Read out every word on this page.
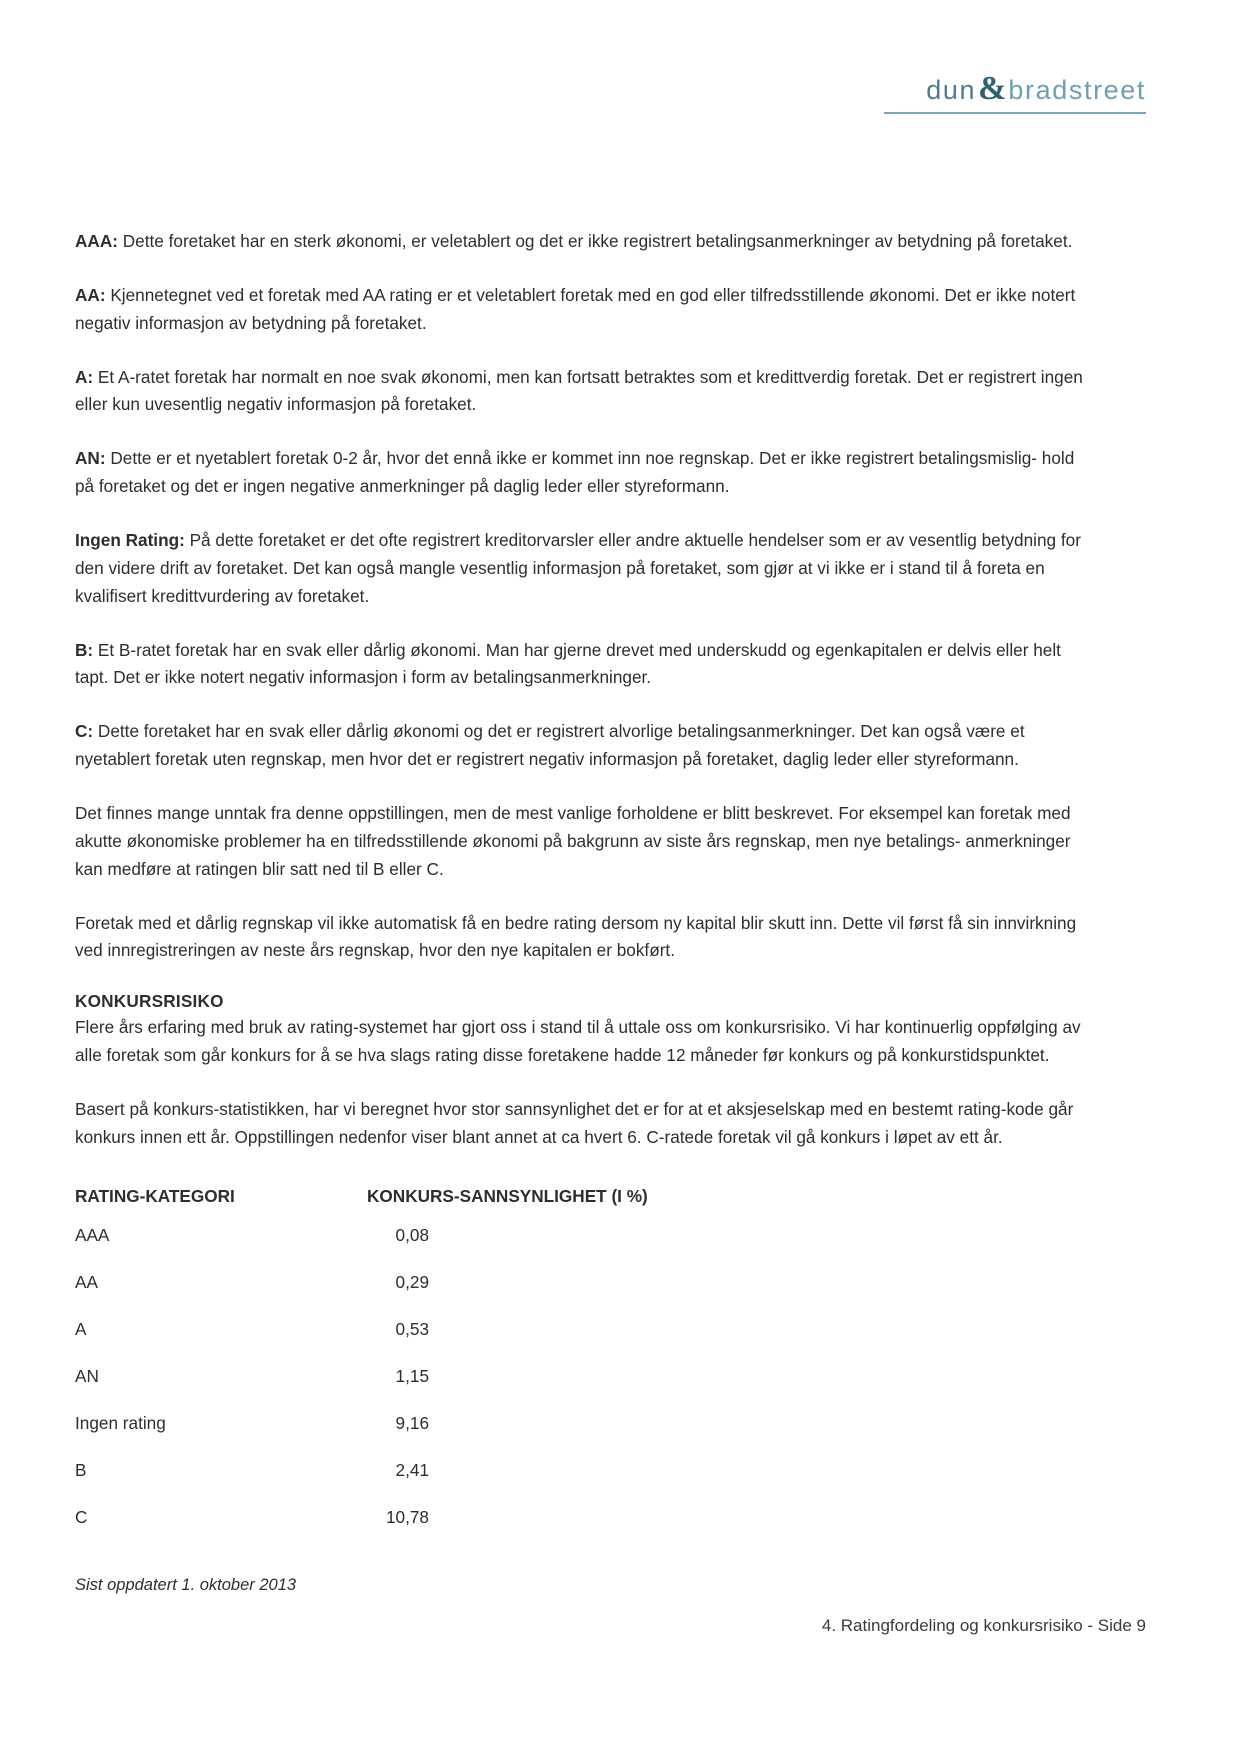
dun & bradstreet

AAA: Dette foretaket har en sterk økonomi, er veletablert og det er ikke registrert betalingsanmerkninger av betydning på foretaket.

AA: Kjennetegnet ved et foretak med AA rating er et veletablert foretak med en god eller tilfredsstillende økonomi. Det er ikke notert negativ informasjon av betydning på foretaket.

A: Et A-ratet foretak har normalt en noe svak økonomi, men kan fortsatt betraktes som et kredittverdig foretak. Det er registrert ingen eller kun uvesentlig negativ informasjon på foretaket.

AN: Dette er et nyetablert foretak 0-2 år, hvor det ennå ikke er kommet inn noe regnskap. Det er ikke registrert betalingsmislig- hold på foretaket og det er ingen negative anmerkninger på daglig leder eller styreformann.

Ingen Rating: På dette foretaket er det ofte registrert kreditorvarsler eller andre aktuelle hendelser som er av vesentlig betydning for den videre drift av foretaket. Det kan også mangle vesentlig informasjon på foretaket, som gjør at vi ikke er i stand til å foreta en kvalifisert kredittvurdering av foretaket.

B: Et B-ratet foretak har en svak eller dårlig økonomi. Man har gjerne drevet med underskudd og egenkapitalen er delvis eller helt tapt. Det er ikke notert negativ informasjon i form av betalingsanmerkninger.

C: Dette foretaket har en svak eller dårlig økonomi og det er registrert alvorlige betalingsanmerkninger. Det kan også være et nyetablert foretak uten regnskap, men hvor det er registrert negativ informasjon på foretaket, daglig leder eller styreformann.

Det finnes mange unntak fra denne oppstillingen, men de mest vanlige forholdene er blitt beskrevet. For eksempel kan foretak med akutte økonomiske problemer ha en tilfredsstillende økonomi på bakgrunn av siste års regnskap, men nye betalings- anmerkninger kan medføre at ratingen blir satt ned til B eller C.

Foretak med et dårlig regnskap vil ikke automatisk få en bedre rating dersom ny kapital blir skutt inn. Dette vil først få sin innvirkning ved innregistreringen av neste års regnskap, hvor den nye kapitalen er bokført.

KONKURSRISIKO

Flere års erfaring med bruk av rating-systemet har gjort oss i stand til å uttale oss om konkursrisiko. Vi har kontinuerlig oppfølging av alle foretak som går konkurs for å se hva slags rating disse foretakene hadde 12 måneder før konkurs og på konkurstidspunktet.

Basert på konkurs-statistikken, har vi beregnet hvor stor sannsynlighet det er for at et aksjeselskap med en bestemt rating-kode går konkurs innen ett år. Oppstillingen nedenfor viser blant annet at ca hvert 6. C-ratede foretak vil gå konkurs i løpet av ett år.

RATING-KATEGORI	KONKURS-SANNSYNLIGHET (I %)
AAA	0,08
AA	0,29
A	0,53
AN	1,15
Ingen rating	9,16
B	2,41
C	10,78
Sist oppdatert 1. oktober 2013
4. Ratingfordeling og konkursrisiko - Side 9
